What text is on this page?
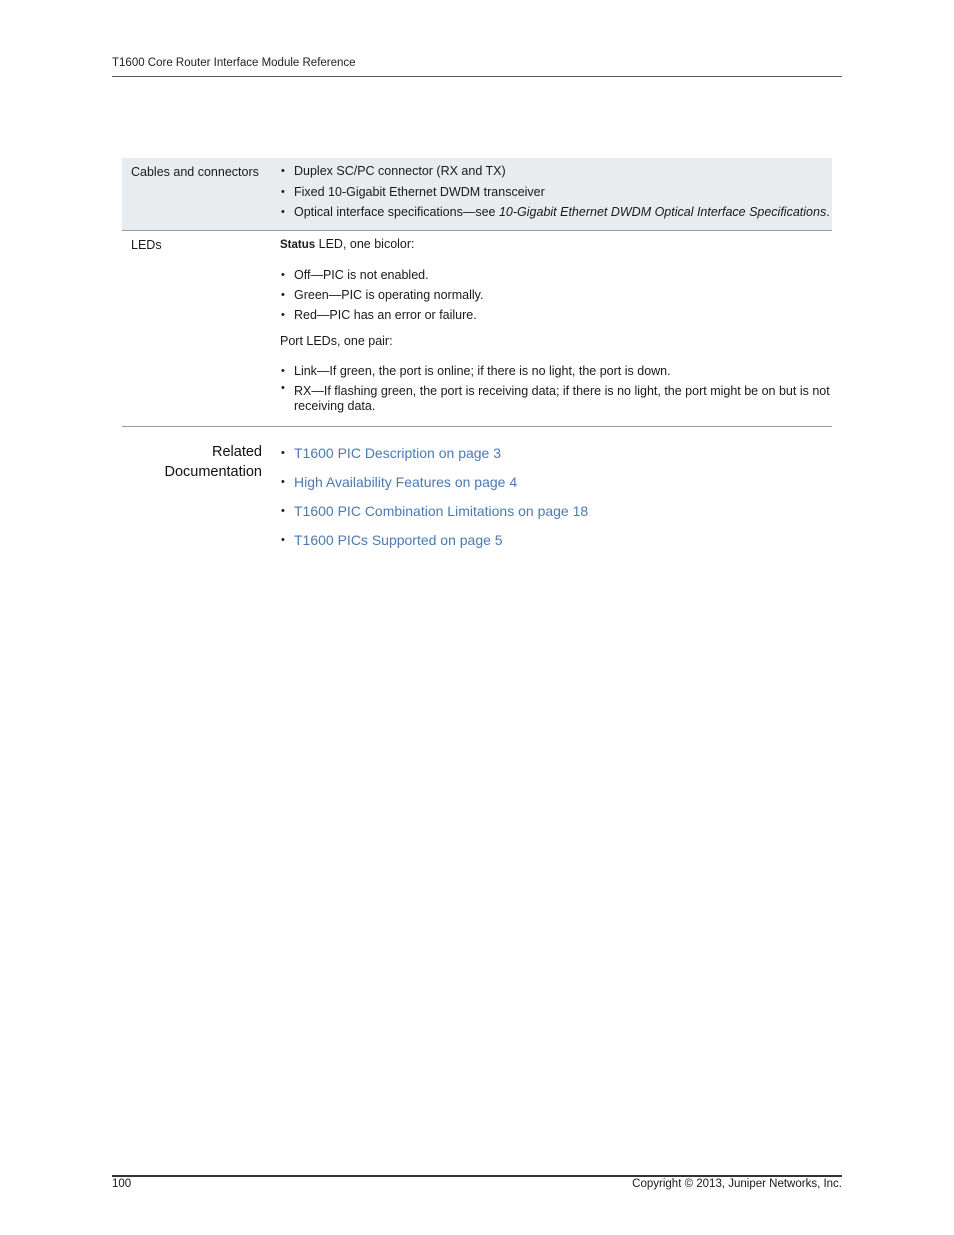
T1600 Core Router Interface Module Reference
Cables and connectors
•	Duplex SC/PC connector (RX and TX)
• Fixed 10-Gigabit Ethernet DWDM transceiver
• Optical interface specifications—see 10-Gigabit Ethernet DWDM Optical Interface Specifications.
LEDs	Status LED, one bicolor:

• Off—PIC is not enabled.
• Green—PIC is operating normally.
• Red—PIC has an error or failure.

Port LEDs, one pair:

• Link—If green, the port is online; if there is no light, the port is down.
• RX—If flashing green, the port is receiving data; if there is no light, the port might be on but is not receiving data.
Related
Documentation
• T1600 PIC Description on page 3
• High Availability Features on page 4
• T1600 PIC Combination Limitations on page 18
• T1600 PICs Supported on page 5
100	Copyright © 2013, Juniper Networks, Inc.
